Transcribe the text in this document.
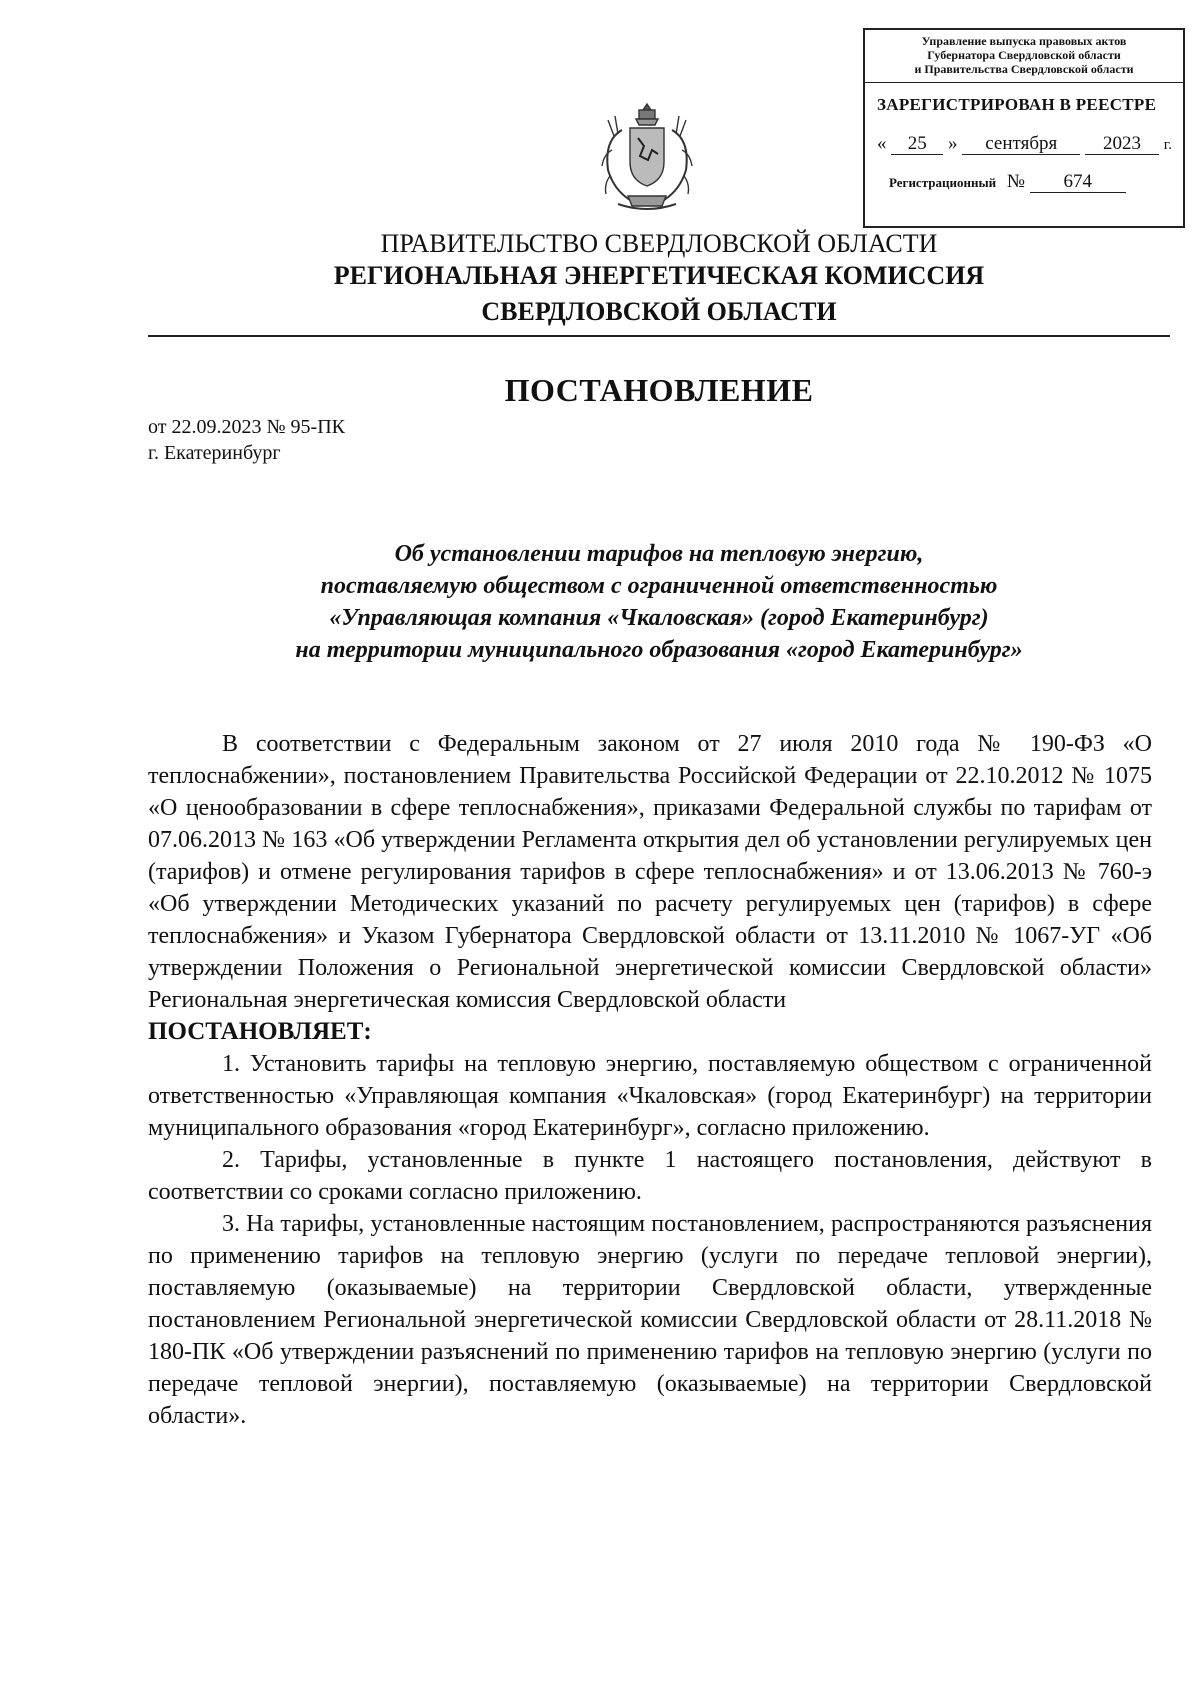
Управление выпуска правовых актов
Губернатора Свердловской области
и Правительства Свердловской области
ЗАРЕГИСТРИРОВАН В РЕЕСТРЕ
« 25 » сентября 2023 г.
Регистрационный № 674
ПРАВИТЕЛЬСТВО СВЕРДЛОВСКОЙ ОБЛАСТИ
РЕГИОНАЛЬНАЯ ЭНЕРГЕТИЧЕСКАЯ КОМИССИЯ
СВЕРДЛОВСКОЙ ОБЛАСТИ
ПОСТАНОВЛЕНИЕ
от 22.09.2023 № 95-ПК
г. Екатеринбург
Об установлении тарифов на тепловую энергию,
поставляемую обществом с ограниченной ответственностью
«Управляющая компания «Чкаловская» (город Екатеринбург)
на территории муниципального образования «город Екатеринбург»

В соответствии с Федеральным законом от 27 июля 2010 года № 190-ФЗ «О теплоснабжении», постановлением Правительства Российской Федерации от 22.10.2012 № 1075 «О ценообразовании в сфере теплоснабжения», приказами Федеральной службы по тарифам от 07.06.2013 № 163 «Об утверждении Регламента открытия дел об установлении регулируемых цен (тарифов) и отмене регулирования тарифов в сфере теплоснабжения» и от 13.06.2013 № 760-э «Об утверждении Методических указаний по расчету регулируемых цен (тарифов) в сфере теплоснабжения» и Указом Губернатора Свердловской области от 13.11.2010 № 1067-УГ «Об утверждении Положения о Региональной энергетической комиссии Свердловской области» Региональная энергетическая комиссия Свердловской области

ПОСТАНОВЛЯЕТ:

1. Установить тарифы на тепловую энергию, поставляемую обществом с ограниченной ответственностью «Управляющая компания «Чкаловская» (город Екатеринбург) на территории муниципального образования «город Екатеринбург», согласно приложению.

2. Тарифы, установленные в пункте 1 настоящего постановления, действуют в соответствии со сроками согласно приложению.

3. На тарифы, установленные настоящим постановлением, распространяются разъяснения по применению тарифов на тепловую энергию (услуги по передаче тепловой энергии), поставляемую (оказываемые) на территории Свердловской области, утвержденные постановлением Региональной энергетической комиссии Свердловской области от 28.11.2018 № 180-ПК «Об утверждении разъяснений по применению тарифов на тепловую энергию (услуги по передаче тепловой энергии), поставляемую (оказываемые) на территории Свердловской области».
